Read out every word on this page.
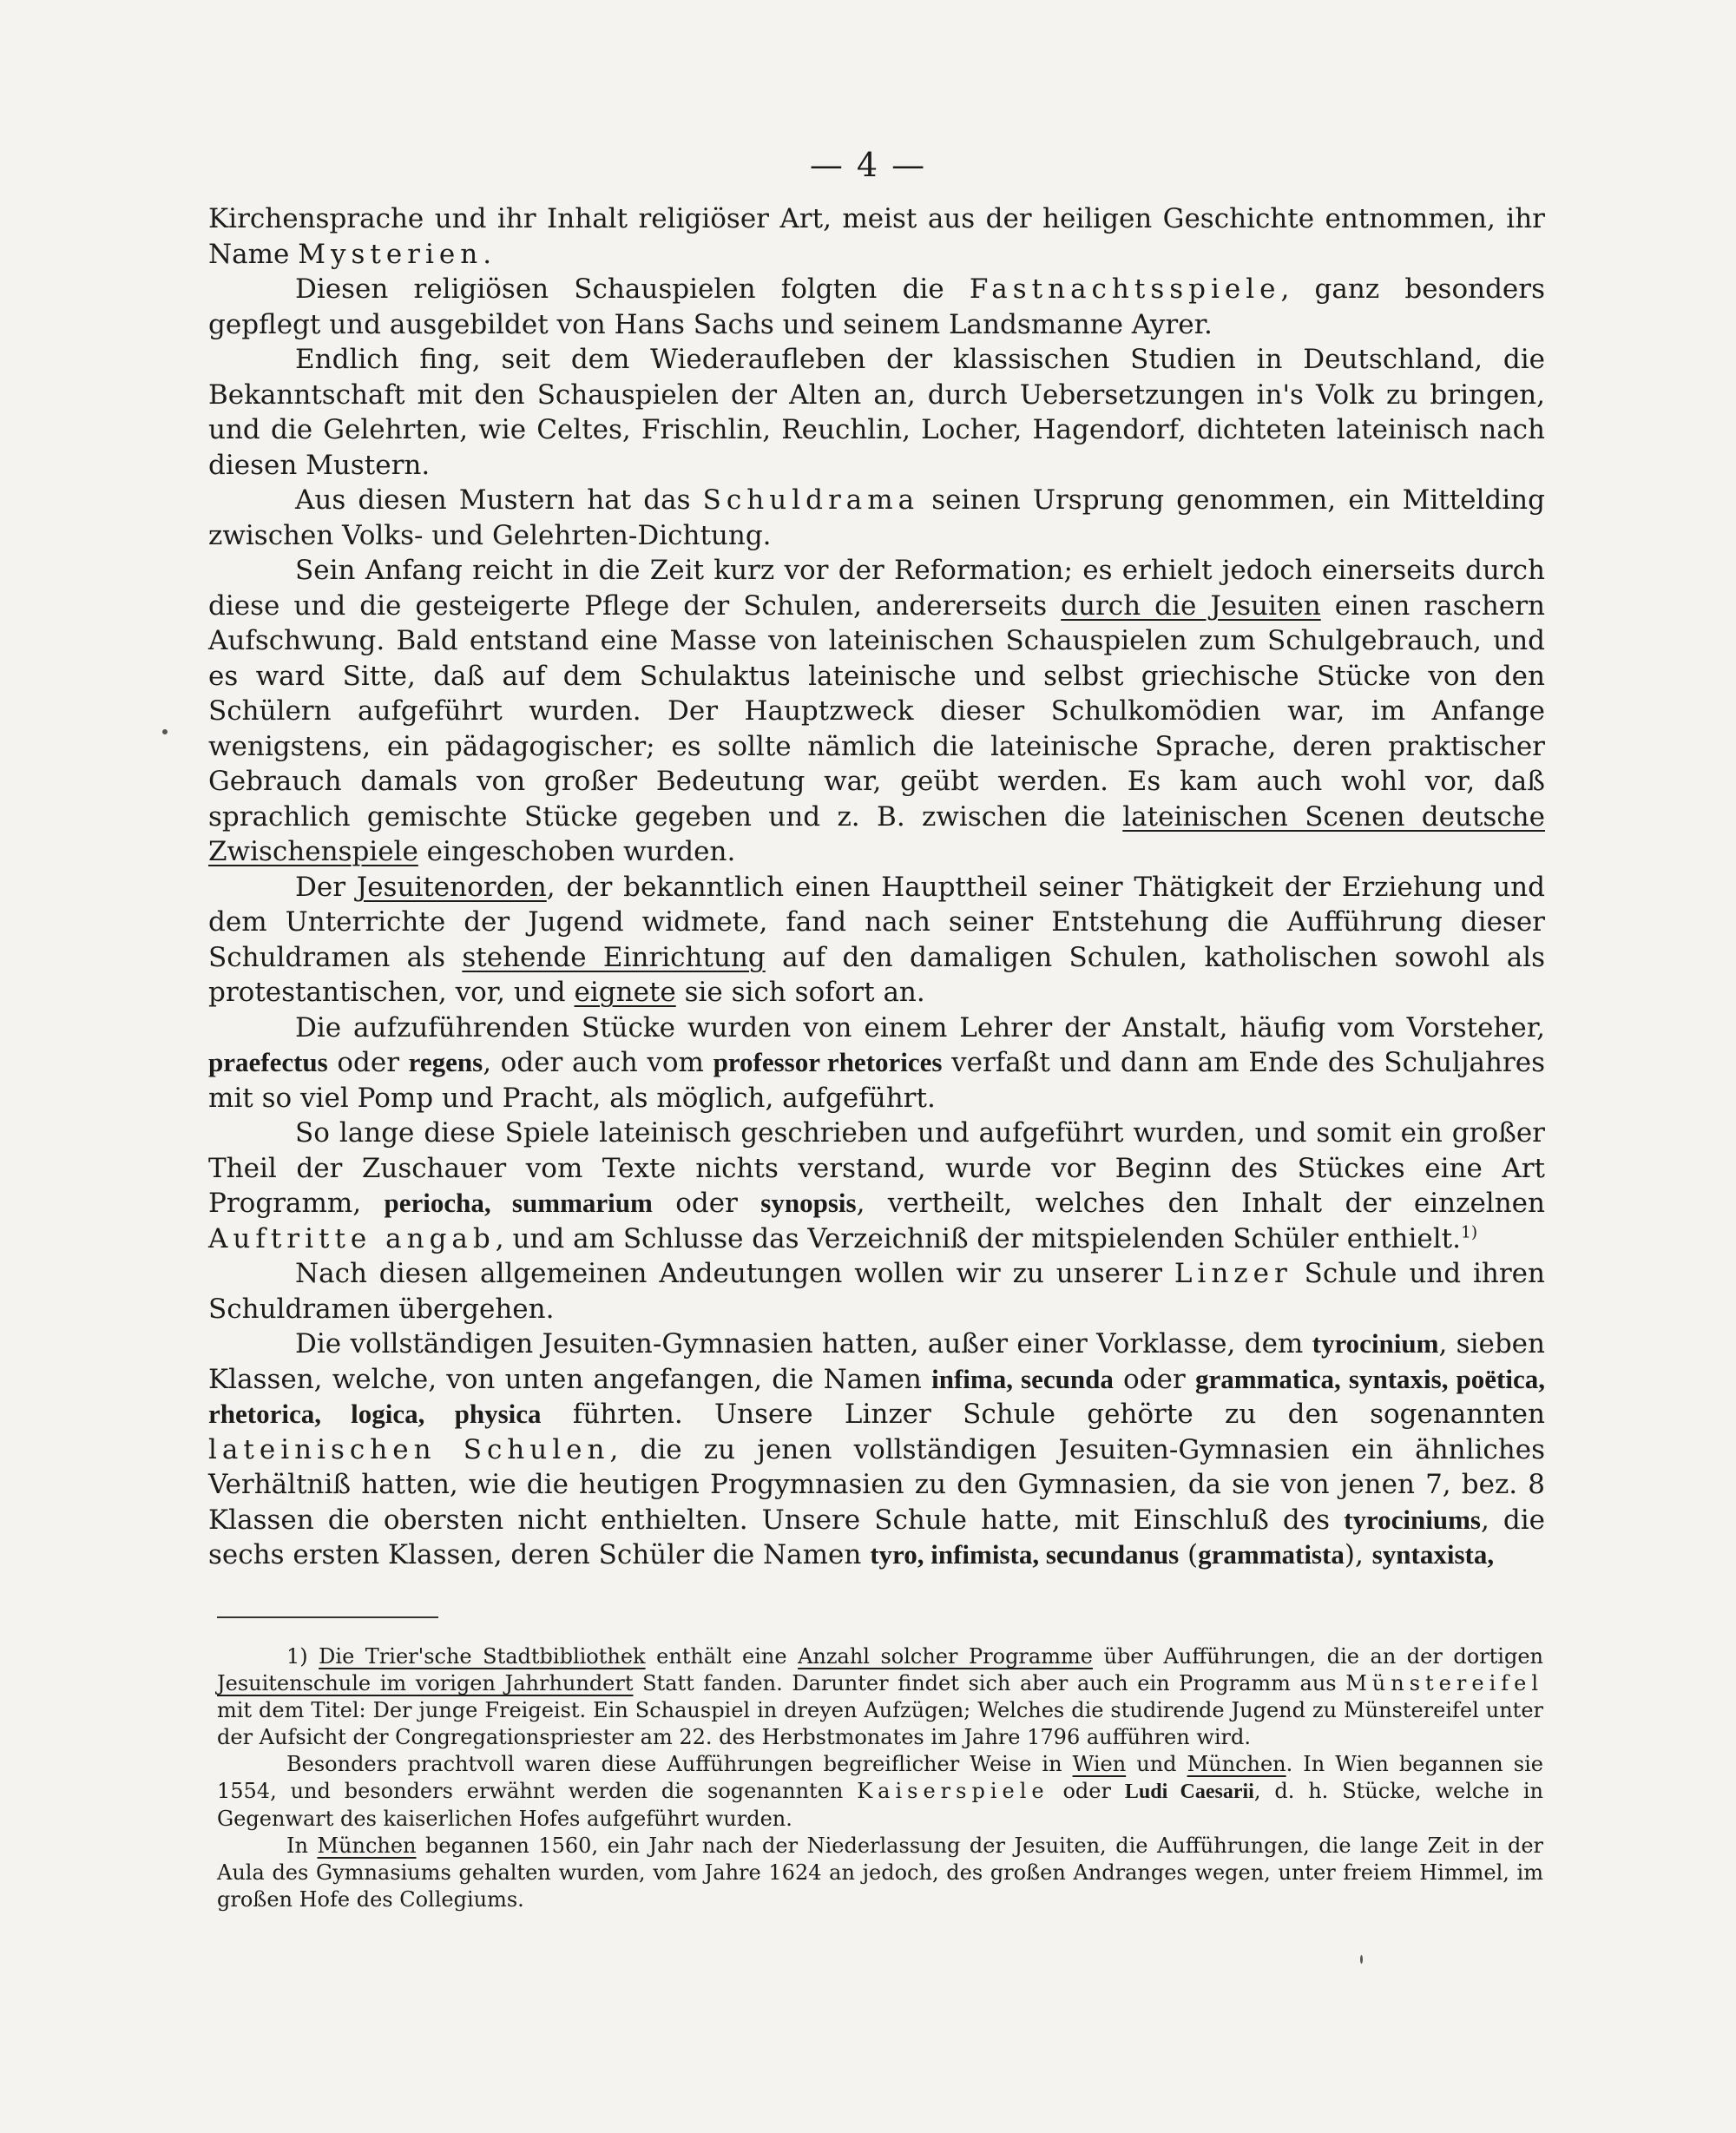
— 4 —

Kirchensprache und ihr Inhalt religiöser Art, meist aus der heiligen Geschichte entnommen, ihr Name Mysterien.

Diesen religiösen Schauspielen folgten die Fastnachtsspiele, ganz besonders gepflegt und ausgebildet von Hans Sachs und seinem Landsmanne Ayrer.

Endlich fing, seit dem Wiederaufleben der klassischen Studien in Deutschland, die Bekanntschaft mit den Schauspielen der Alten an, durch Uebersetzungen in's Volk zu bringen, und die Gelehrten, wie Celtes, Frischlin, Reuchlin, Locher, Hagendorf, dichteten lateinisch nach diesen Mustern.

Aus diesen Mustern hat das Schuldrama seinen Ursprung genommen, ein Mittelding zwischen Volks- und Gelehrten-Dichtung.

Sein Anfang reicht in die Zeit kurz vor der Reformation; es erhielt jedoch einerseits durch diese und die gesteigerte Pflege der Schulen, andererseits durch die Jesuiten einen raschern Aufschwung. Bald entstand eine Masse von lateinischen Schauspielen zum Schulgebrauch, und es ward Sitte, daß auf dem Schulaktus lateinische und selbst griechische Stücke von den Schülern aufgeführt wurden. Der Hauptzweck dieser Schulkomödien war, im Anfange wenigstens, ein pädagogischer; es sollte nämlich die lateinische Sprache, deren praktischer Gebrauch damals von großer Bedeutung war, geübt werden. Es kam auch wohl vor, daß sprachlich gemischte Stücke gegeben und z. B. zwischen die lateinischen Scenen deutsche Zwischenspiele eingeschoben wurden.

Der Jesuitenorden, der bekanntlich einen Haupttheil seiner Thätigkeit der Erziehung und dem Unterrichte der Jugend widmete, fand nach seiner Entstehung die Aufführung dieser Schuldramen als stehende Einrichtung auf den damaligen Schulen, katholischen sowohl als protestantischen, vor, und eignete sie sich sofort an.

Die aufzuführenden Stücke wurden von einem Lehrer der Anstalt, häufig vom Vorsteher, praefectus oder regens, oder auch vom professor rhetorices verfaßt und dann am Ende des Schuljahres mit so viel Pomp und Pracht, als möglich, aufgeführt.

So lange diese Spiele lateinisch geschrieben und aufgeführt wurden, und somit ein großer Theil der Zuschauer vom Texte nichts verstand, wurde vor Beginn des Stückes eine Art Programm, periocha, summarium oder synopsis, vertheilt, welches den Inhalt der einzelnen Auftritte angab, und am Schlusse das Verzeichniß der mitspielenden Schüler enthielt.$^{1)}$

Nach diesen allgemeinen Andeutungen wollen wir zu unserer Linzer Schule und ihren Schuldramen übergehen.

Die vollständigen Jesuiten-Gymnasien hatten, außer einer Vorklasse, dem tyrocinium, sieben Klassen, welche, von unten angefangen, die Namen infima, secunda oder grammatica, syntaxis, poëtica, rhetorica, logica, physica führten. Unsere Linzer Schule gehörte zu den sogenannten lateinischen Schulen, die zu jenen vollständigen Jesuiten-Gymnasien ein ähnliches Verhältniß hatten, wie die heutigen Progymnasien zu den Gymnasien, da sie von jenen 7, bez. 8 Klassen die obersten nicht enthielten. Unsere Schule hatte, mit Einschluß des tyrociniums, die sechs ersten Klassen, deren Schüler die Namen tyro, infimista, secundanus (grammatista), syntaxista,

1) Die Trier'sche Stadtbibliothek enthält eine Anzahl solcher Programme über Aufführungen, die an der dortigen Jesuitenschule im vorigen Jahrhundert Statt fanden. Darunter findet sich aber auch ein Programm aus Münstereifel mit dem Titel: Der junge Freigeist. Ein Schauspiel in dreyen Aufzügen; Welches die studirende Jugend zu Münstereifel unter der Aufsicht der Congregationspriester am 22. des Herbstmonates im Jahre 1796 aufführen wird.

Besonders prachtvoll waren diese Aufführungen begreiflicher Weise in Wien und München. In Wien begannen sie 1554, und besonders erwähnt werden die sogenannten Kaiserspiele oder Ludi Caesarii, d. h. Stücke, welche in Gegenwart des kaiserlichen Hofes aufgeführt wurden.

In München begannen 1560, ein Jahr nach der Niederlassung der Jesuiten, die Aufführungen, die lange Zeit in der Aula des Gymnasiums gehalten wurden, vom Jahre 1624 an jedoch, des großen Andranges wegen, unter freiem Himmel, im großen Hofe des Collegiums.
